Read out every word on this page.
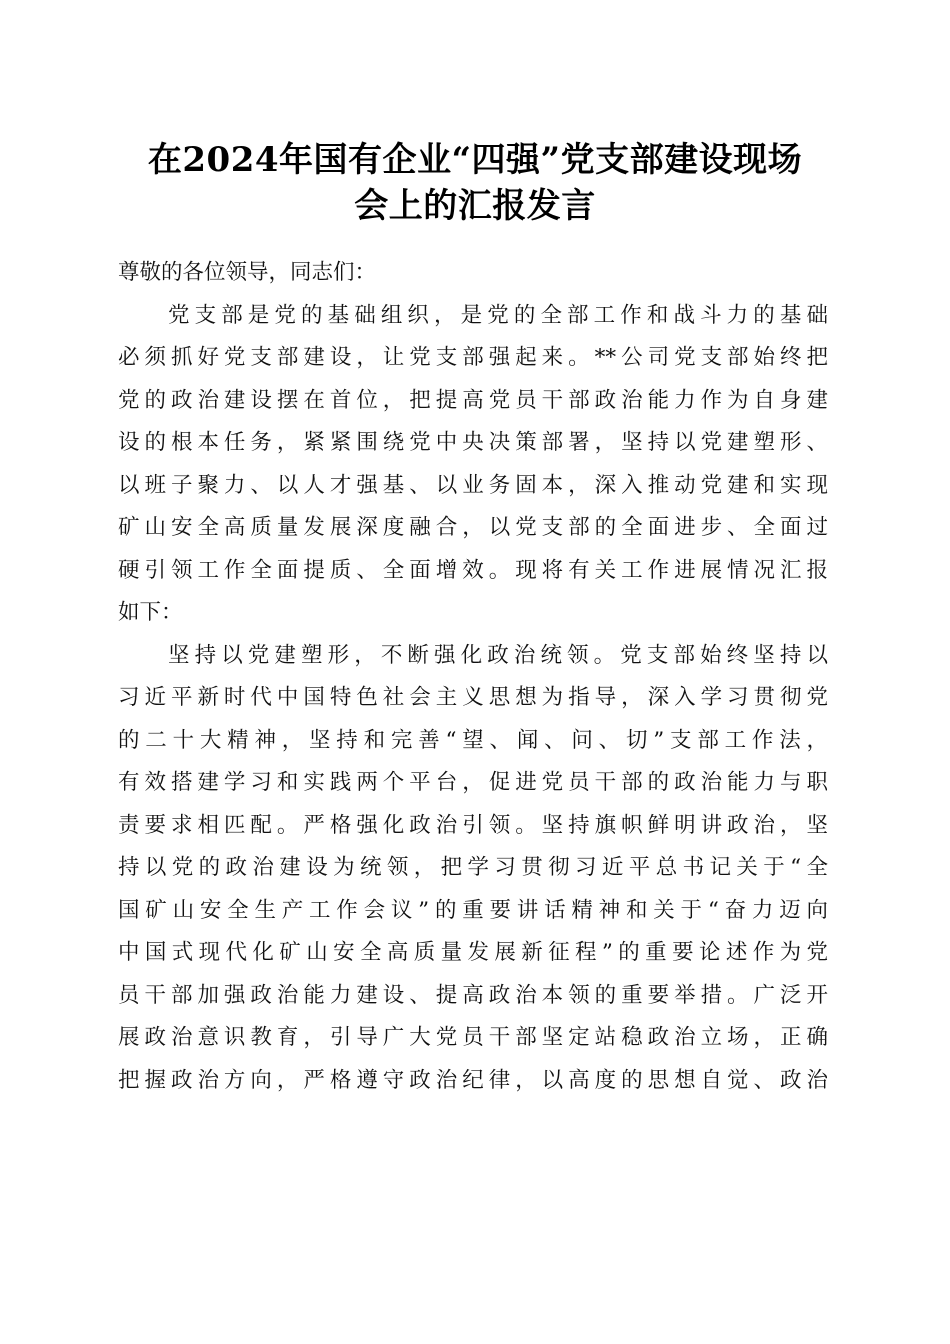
在2024年国有企业“四强”党支部建设现场
会上的汇报发言
尊敬的各位领导，同志们：
党支部是党的基础组织，是党的全部工作和战斗力的基础
必须抓好党支部建设，让党支部强起来。**公司党支部始终把
党的政治建设摆在首位，把提高党员干部政治能力作为自身建
设的根本任务，紧紧围绕党中央决策部署，坚持以党建塑形、
以班子聚力、以人才强基、以业务固本，深入推动党建和实现
矿山安全高质量发展深度融合，以党支部的全面进步、全面过
硬引领工作全面提质、全面增效。现将有关工作进展情况汇报
如下：
坚持以党建塑形，不断强化政治统领。党支部始终坚持以
习近平新时代中国特色社会主义思想为指导，深入学习贯彻党
的二十大精神，坚持和完善“望、闻、问、切”支部工作法，
有效搭建学习和实践两个平台，促进党员干部的政治能力与职
责要求相匹配。严格强化政治引领。坚持旗帜鲜明讲政治，坚
持以党的政治建设为统领，把学习贯彻习近平总书记关于“全
国矿山安全生产工作会议”的重要讲话精神和关于“奋力迈向
中国式现代化矿山安全高质量发展新征程”的重要论述作为党
员干部加强政治能力建设、提高政治本领的重要举措。广泛开
展政治意识教育，引导广大党员干部坚定站稳政治立场，正确
把握政治方向，严格遵守政治纪律，以高度的思想自觉、政治
